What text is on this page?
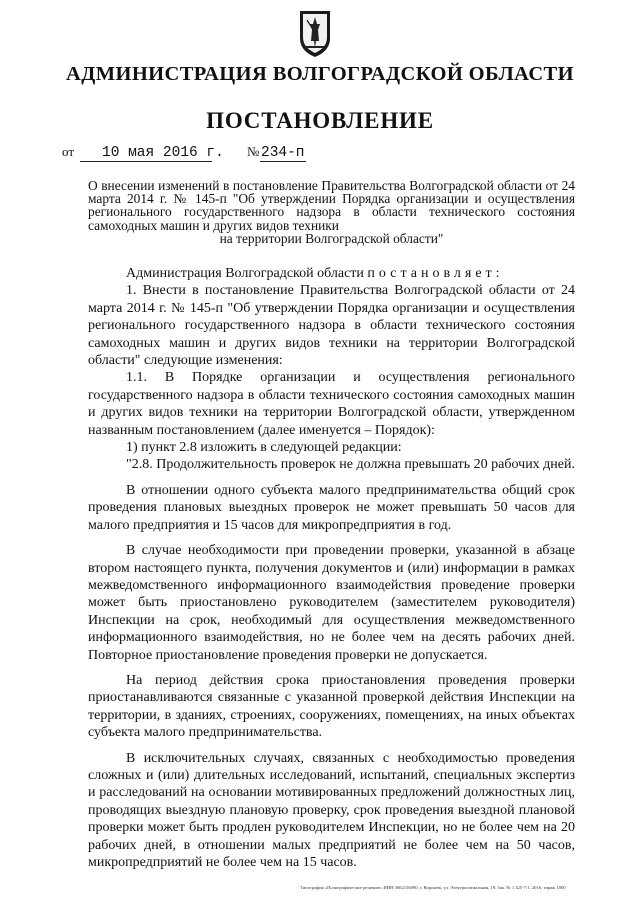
АДМИНИСТРАЦИЯ ВОЛГОГРАДСКОЙ ОБЛАСТИ
ПОСТАНОВЛЕНИЕ
от 10 мая 2016 г. № 234-п
О внесении изменений в постановление Правительства Волгоградской области от 24 марта 2014 г. № 145-п "Об утверждении Порядка организации и осуществления регионального государственного надзора в области технического состояния самоходных машин и других видов техники
на территории Волгоградской области"

Администрация Волгоградской области постановляет:

1. Внести в постановление Правительства Волгоградской области от 24 марта 2014 г. № 145-п "Об утверждении Порядка организации и осуществления регионального государственного надзора в области технического состояния самоходных машин и других видов техники на территории Волгоградской области" следующие изменения:

1.1. В Порядке организации и осуществления регионального государственного надзора в области технического состояния самоходных машин и других видов техники на территории Волгоградской области, утвержденном названным постановлением (далее именуется – Порядок):

1) пункт 2.8 изложить в следующей редакции:

"2.8. Продолжительность проверок не должна превышать 20 рабочих дней.

В отношении одного субъекта малого предпринимательства общий срок проведения плановых выездных проверок не может превышать 50 часов для малого предприятия и 15 часов для микропредприятия в год.

В случае необходимости при проведении проверки, указанной в абзаце втором настоящего пункта, получения документов и (или) информации в рамках межведомственного информационного взаимодействия проведение проверки может быть приостановлено руководителем (заместителем руководителя) Инспекции на срок, необходимый для осуществления межведомственного информационного взаимодействия, но не более чем на десять рабочих дней. Повторное приостановление проведения проверки не допускается.

На период действия срока приостановления проведения проверки приостанавливаются связанные с указанной проверкой действия Инспекции на территории, в зданиях, строениях, сооружениях, помещениях, на иных объектах субъекта малого предпринимательства.

В исключительных случаях, связанных с необходимостью проведения сложных и (или) длительных исследований, испытаний, специальных экспертиз и расследований на основании мотивированных предложений должностных лиц, проводящих выездную плановую проверку, срок проведения выездной плановой проверки может быть продлен руководителем Инспекции, но не более чем на 20 рабочих дней, в отношении малых предприятий не более чем на 50 часов, микропредприятий не более чем на 15 часов.

Типография «Полиграфическое решение» ИНН 3662156090, г. Воронеж, ул. Электросигнальная, 19, Зак. № 1 325-7/1, 2016, тираж 1000
